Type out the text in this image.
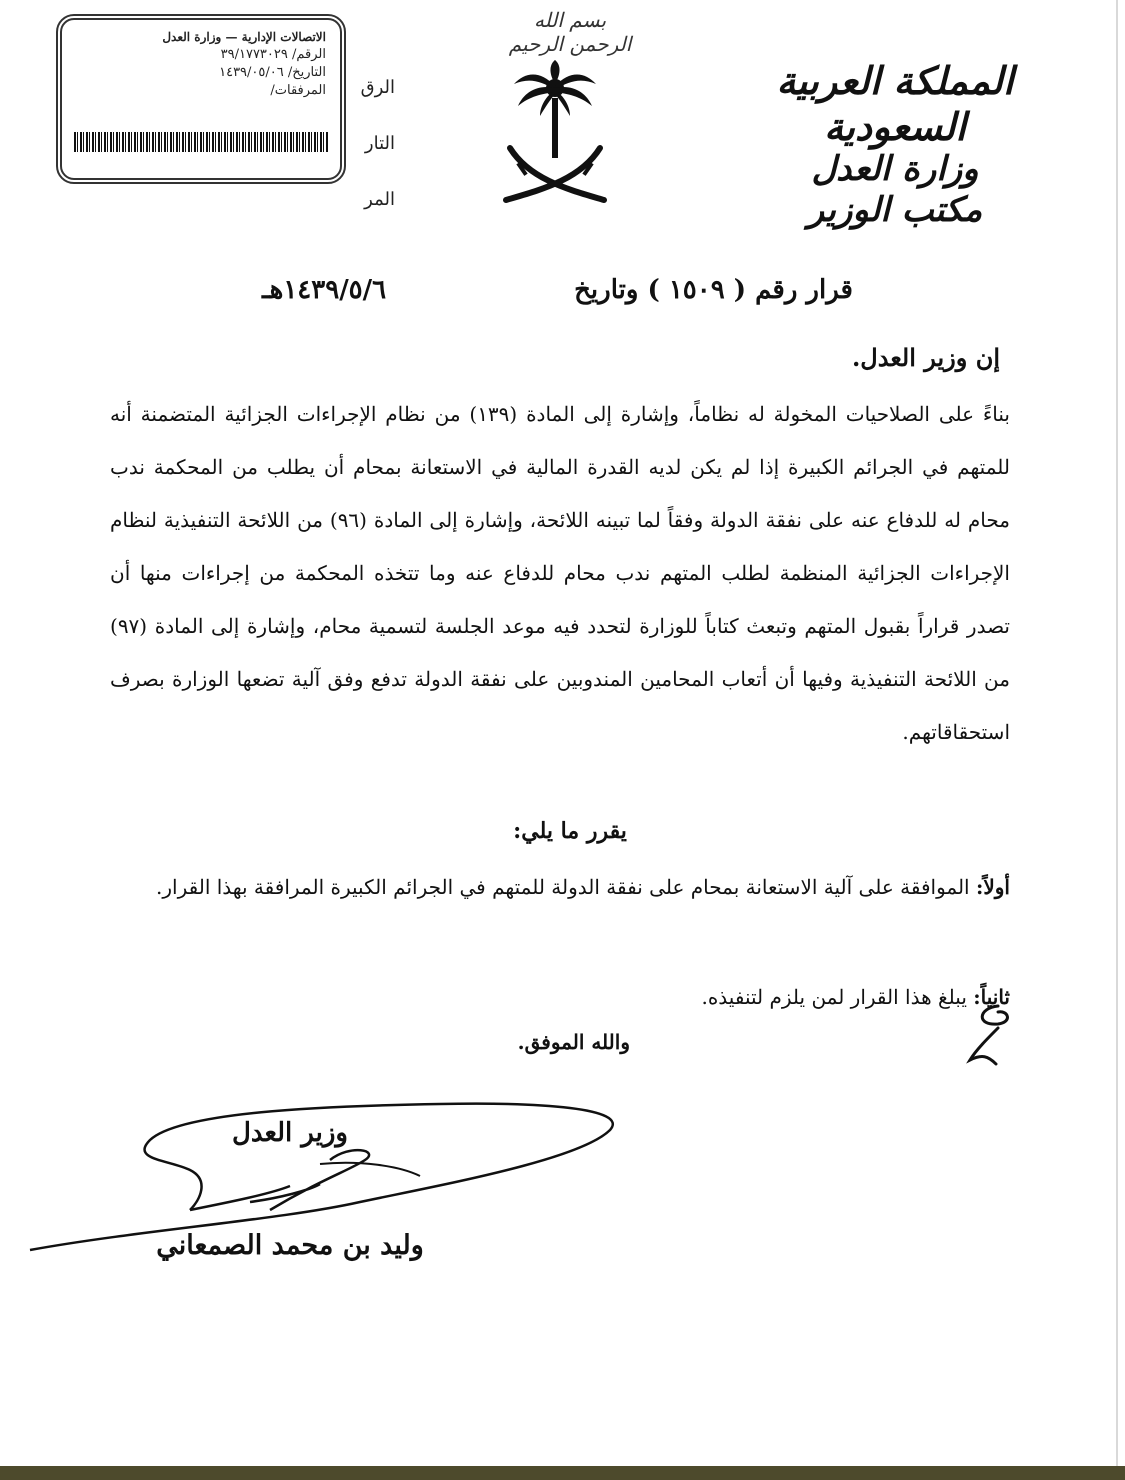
بسم الله الرحمن الرحيم
المملكة العربية السعودية
وزارة العدل
مكتب الوزير
الاتصالات الإدارية — وزارة العدل
الرقم/ ٣٩/١٧٧٣٠٢٩
التاريخ/ ١٤٣٩/٠٥/٠٦
المرفقات/	الرق
التار
المر
قرار رقم ( ١٥٠٩ ) وتاريخ
١٤٣٩/٥/٦هـ
إن وزير العدل.
بناءً على الصلاحيات المخولة له نظاماً، وإشارة إلى المادة (١٣٩) من نظام الإجراءات الجزائية المتضمنة أنه للمتهم في الجرائم الكبيرة إذا لم يكن لديه القدرة المالية في الاستعانة بمحام أن يطلب من المحكمة ندب محام له للدفاع عنه على نفقة الدولة وفقاً لما تبينه اللائحة، وإشارة إلى المادة (٩٦) من اللائحة التنفيذية لنظام الإجراءات الجزائية المنظمة لطلب المتهم ندب محام للدفاع عنه وما تتخذه المحكمة من إجراءات منها أن تصدر قراراً بقبول المتهم وتبعث كتاباً للوزارة لتحدد فيه موعد الجلسة لتسمية محام، وإشارة إلى المادة (٩٧) من اللائحة التنفيذية وفيها أن أتعاب المحامين المندوبين على نفقة الدولة تدفع وفق آلية تضعها الوزارة بصرف استحقاقاتهم.
يقرر ما يلي:
أولاً: الموافقة على آلية الاستعانة بمحام على نفقة الدولة للمتهم في الجرائم الكبيرة المرافقة بهذا القرار.
ثانياً: يبلغ هذا القرار لمن يلزم لتنفيذه.
والله الموفق.
وزير العدل
وليد بن محمد الصمعاني
